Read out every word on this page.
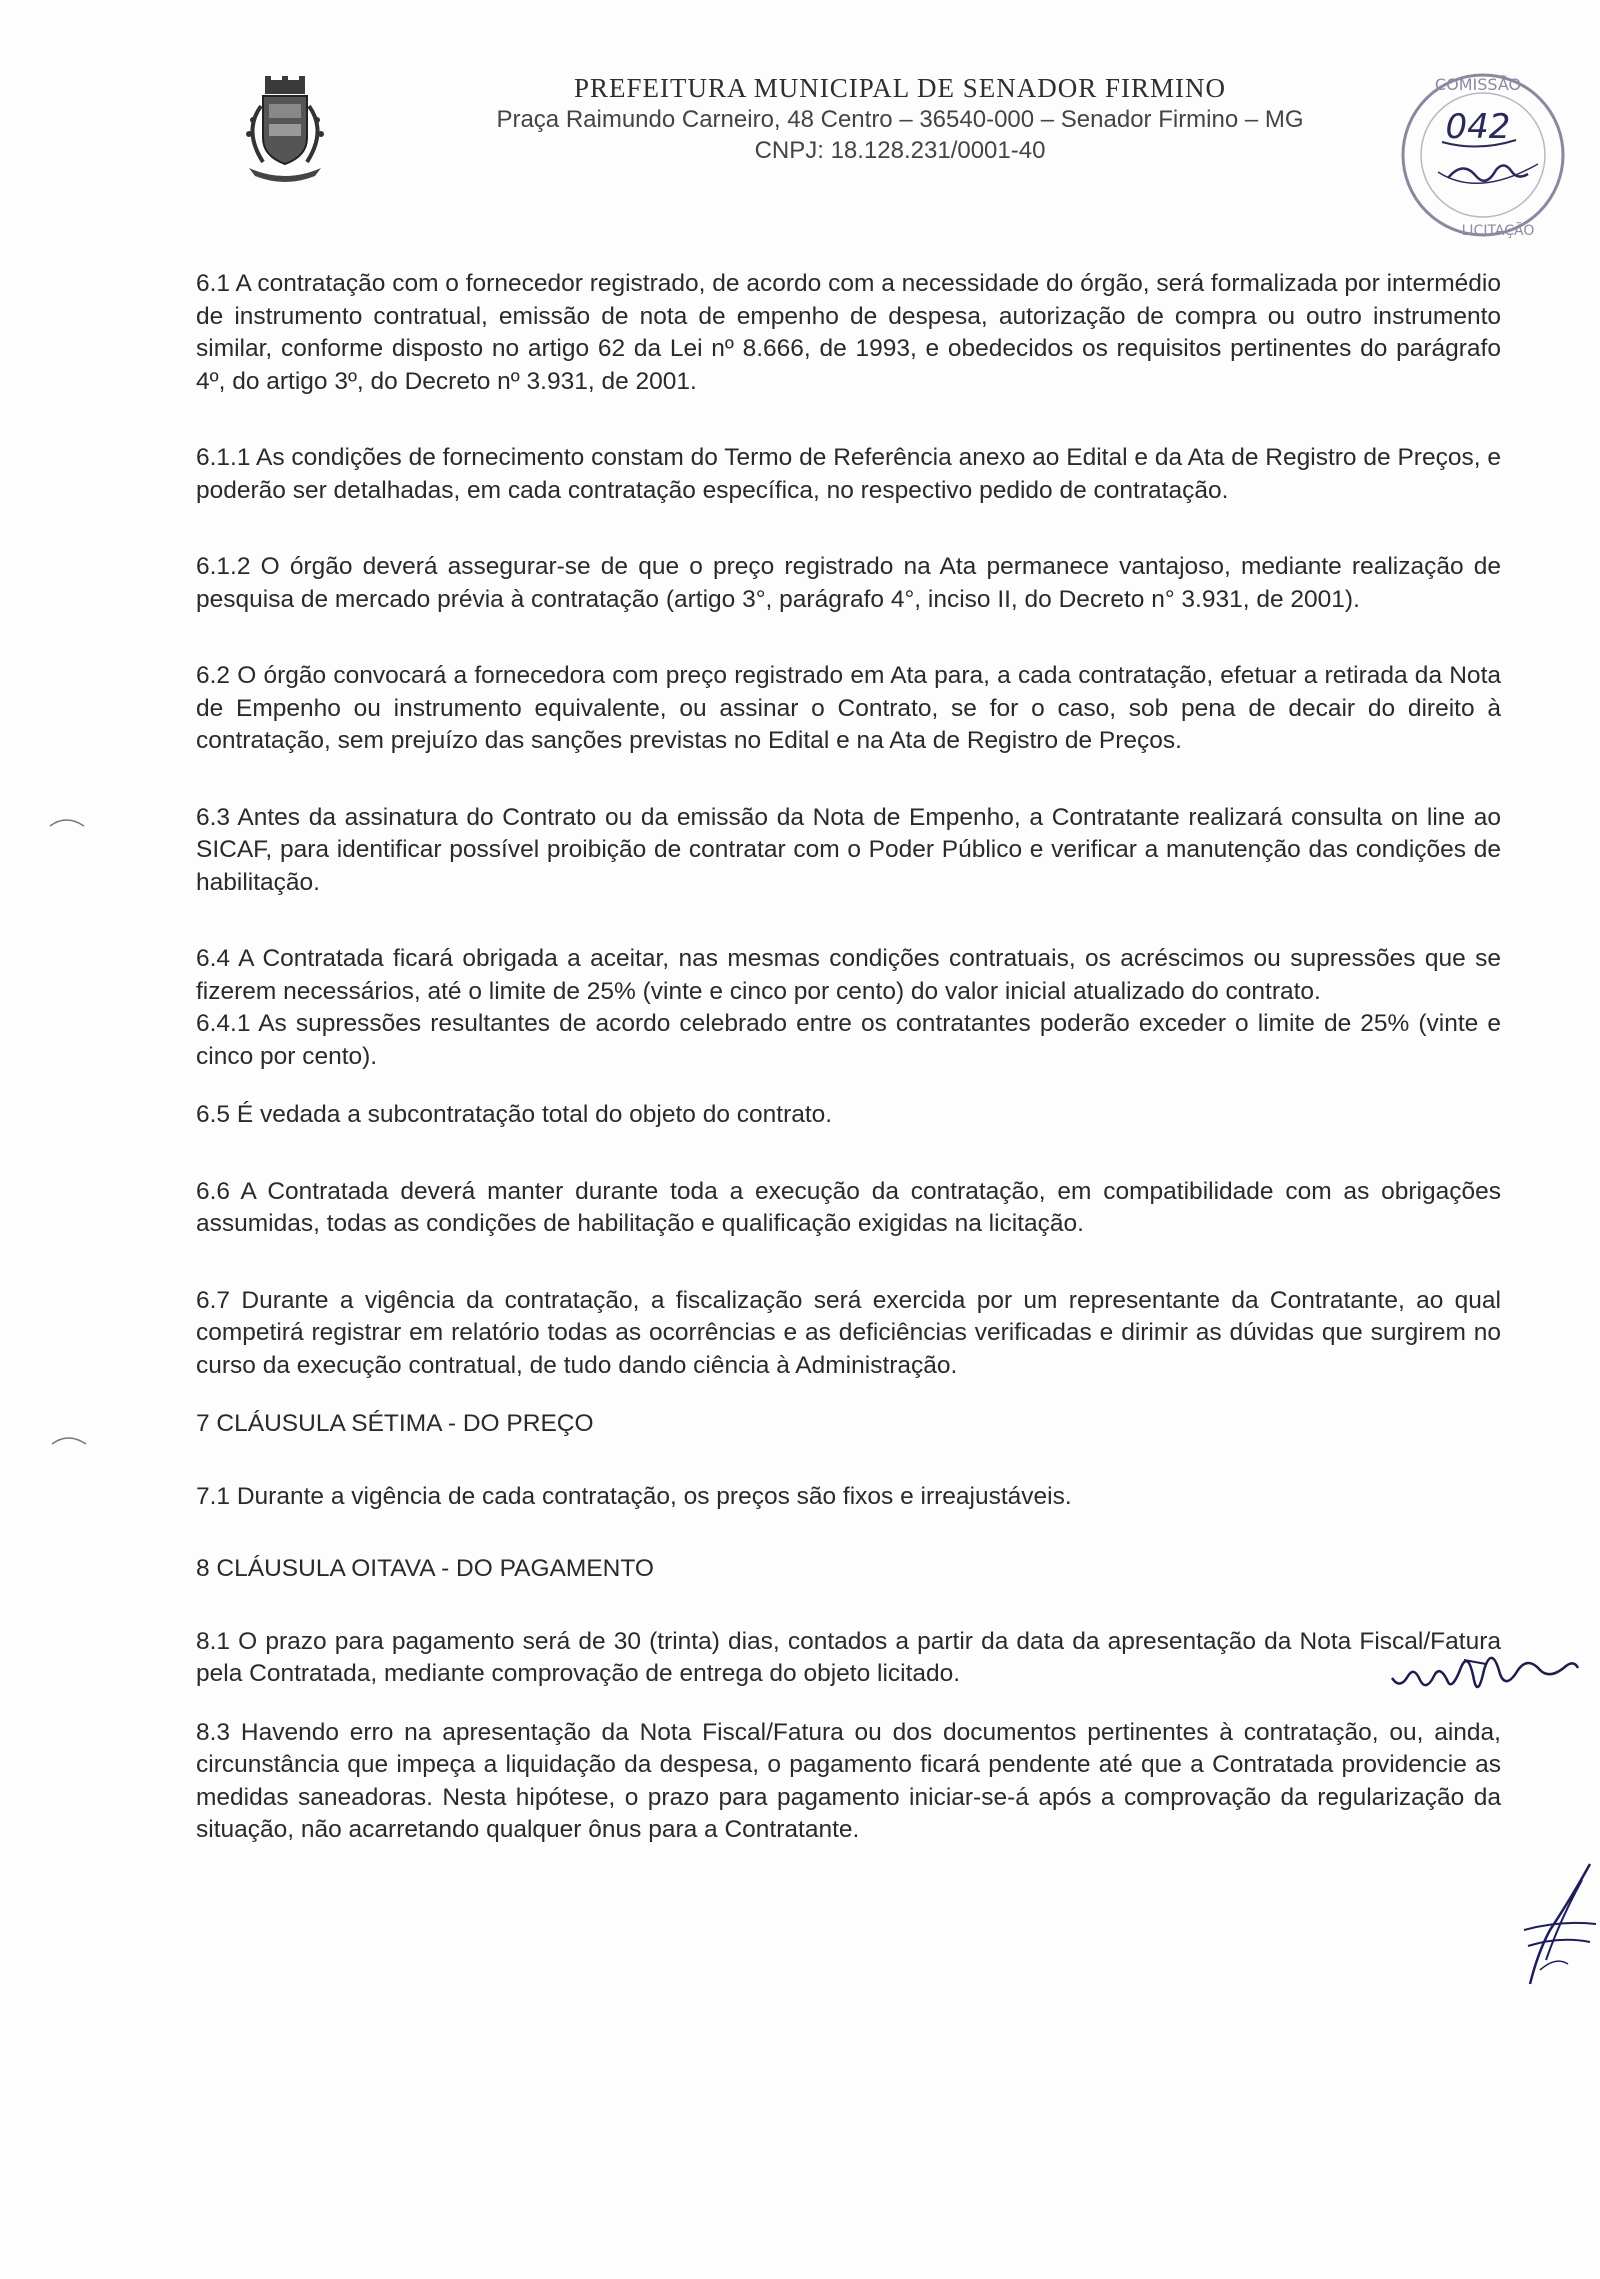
PREFEITURA MUNICIPAL DE SENADOR FIRMINO
Praça Raimundo Carneiro, 48 Centro – 36540-000 – Senador Firmino – MG
CNPJ: 18.128.231/0001-40
COMISSÃO
LICITAÇÃO
042

6.1 A contratação com o fornecedor registrado, de acordo com a necessidade do órgão, será formalizada por intermédio de instrumento contratual, emissão de nota de empenho de despesa, autorização de compra ou outro instrumento similar, conforme disposto no artigo 62 da Lei nº 8.666, de 1993, e obedecidos os requisitos pertinentes do parágrafo 4º, do artigo 3º, do Decreto nº 3.931, de 2001.

6.1.1 As condições de fornecimento constam do Termo de Referência anexo ao Edital e da Ata de Registro de Preços, e poderão ser detalhadas, em cada contratação específica, no respectivo pedido de contratação.

6.1.2 O órgão deverá assegurar-se de que o preço registrado na Ata permanece vantajoso, mediante realização de pesquisa de mercado prévia à contratação (artigo 3°, parágrafo 4°, inciso II, do Decreto n° 3.931, de 2001).

6.2 O órgão convocará a fornecedora com preço registrado em Ata para, a cada contratação, efetuar a retirada da Nota de Empenho ou instrumento equivalente, ou assinar o Contrato, se for o caso, sob pena de decair do direito à contratação, sem prejuízo das sanções previstas no Edital e na Ata de Registro de Preços.

6.3 Antes da assinatura do Contrato ou da emissão da Nota de Empenho, a Contratante realizará consulta on line ao SICAF, para identificar possível proibição de contratar com o Poder Público e verificar a manutenção das condições de habilitação.

6.4 A Contratada ficará obrigada a aceitar, nas mesmas condições contratuais, os acréscimos ou supressões que se fizerem necessários, até o limite de 25% (vinte e cinco por cento) do valor inicial atualizado do contrato.

6.4.1 As supressões resultantes de acordo celebrado entre os contratantes poderão exceder o limite de 25% (vinte e cinco por cento).

6.5 É vedada a subcontratação total do objeto do contrato.

6.6 A Contratada deverá manter durante toda a execução da contratação, em compatibilidade com as obrigações assumidas, todas as condições de habilitação e qualificação exigidas na licitação.

6.7 Durante a vigência da contratação, a fiscalização será exercida por um representante da Contratante, ao qual competirá registrar em relatório todas as ocorrências e as deficiências verificadas e dirimir as dúvidas que surgirem no curso da execução contratual, de tudo dando ciência à Administração.

7 CLÁUSULA SÉTIMA - DO PREÇO

7.1 Durante a vigência de cada contratação, os preços são fixos e irreajustáveis.

8 CLÁUSULA OITAVA - DO PAGAMENTO

8.1 O prazo para pagamento será de 30 (trinta) dias, contados a partir da data da apresentação da Nota Fiscal/Fatura pela Contratada, mediante comprovação de entrega do objeto licitado.

8.3 Havendo erro na apresentação da Nota Fiscal/Fatura ou dos documentos pertinentes à contratação, ou, ainda, circunstância que impeça a liquidação da despesa, o pagamento ficará pendente até que a Contratada providencie as medidas saneadoras. Nesta hipótese, o prazo para pagamento iniciar-se-á após a comprovação da regularização da situação, não acarretando qualquer ônus para a Contratante.
